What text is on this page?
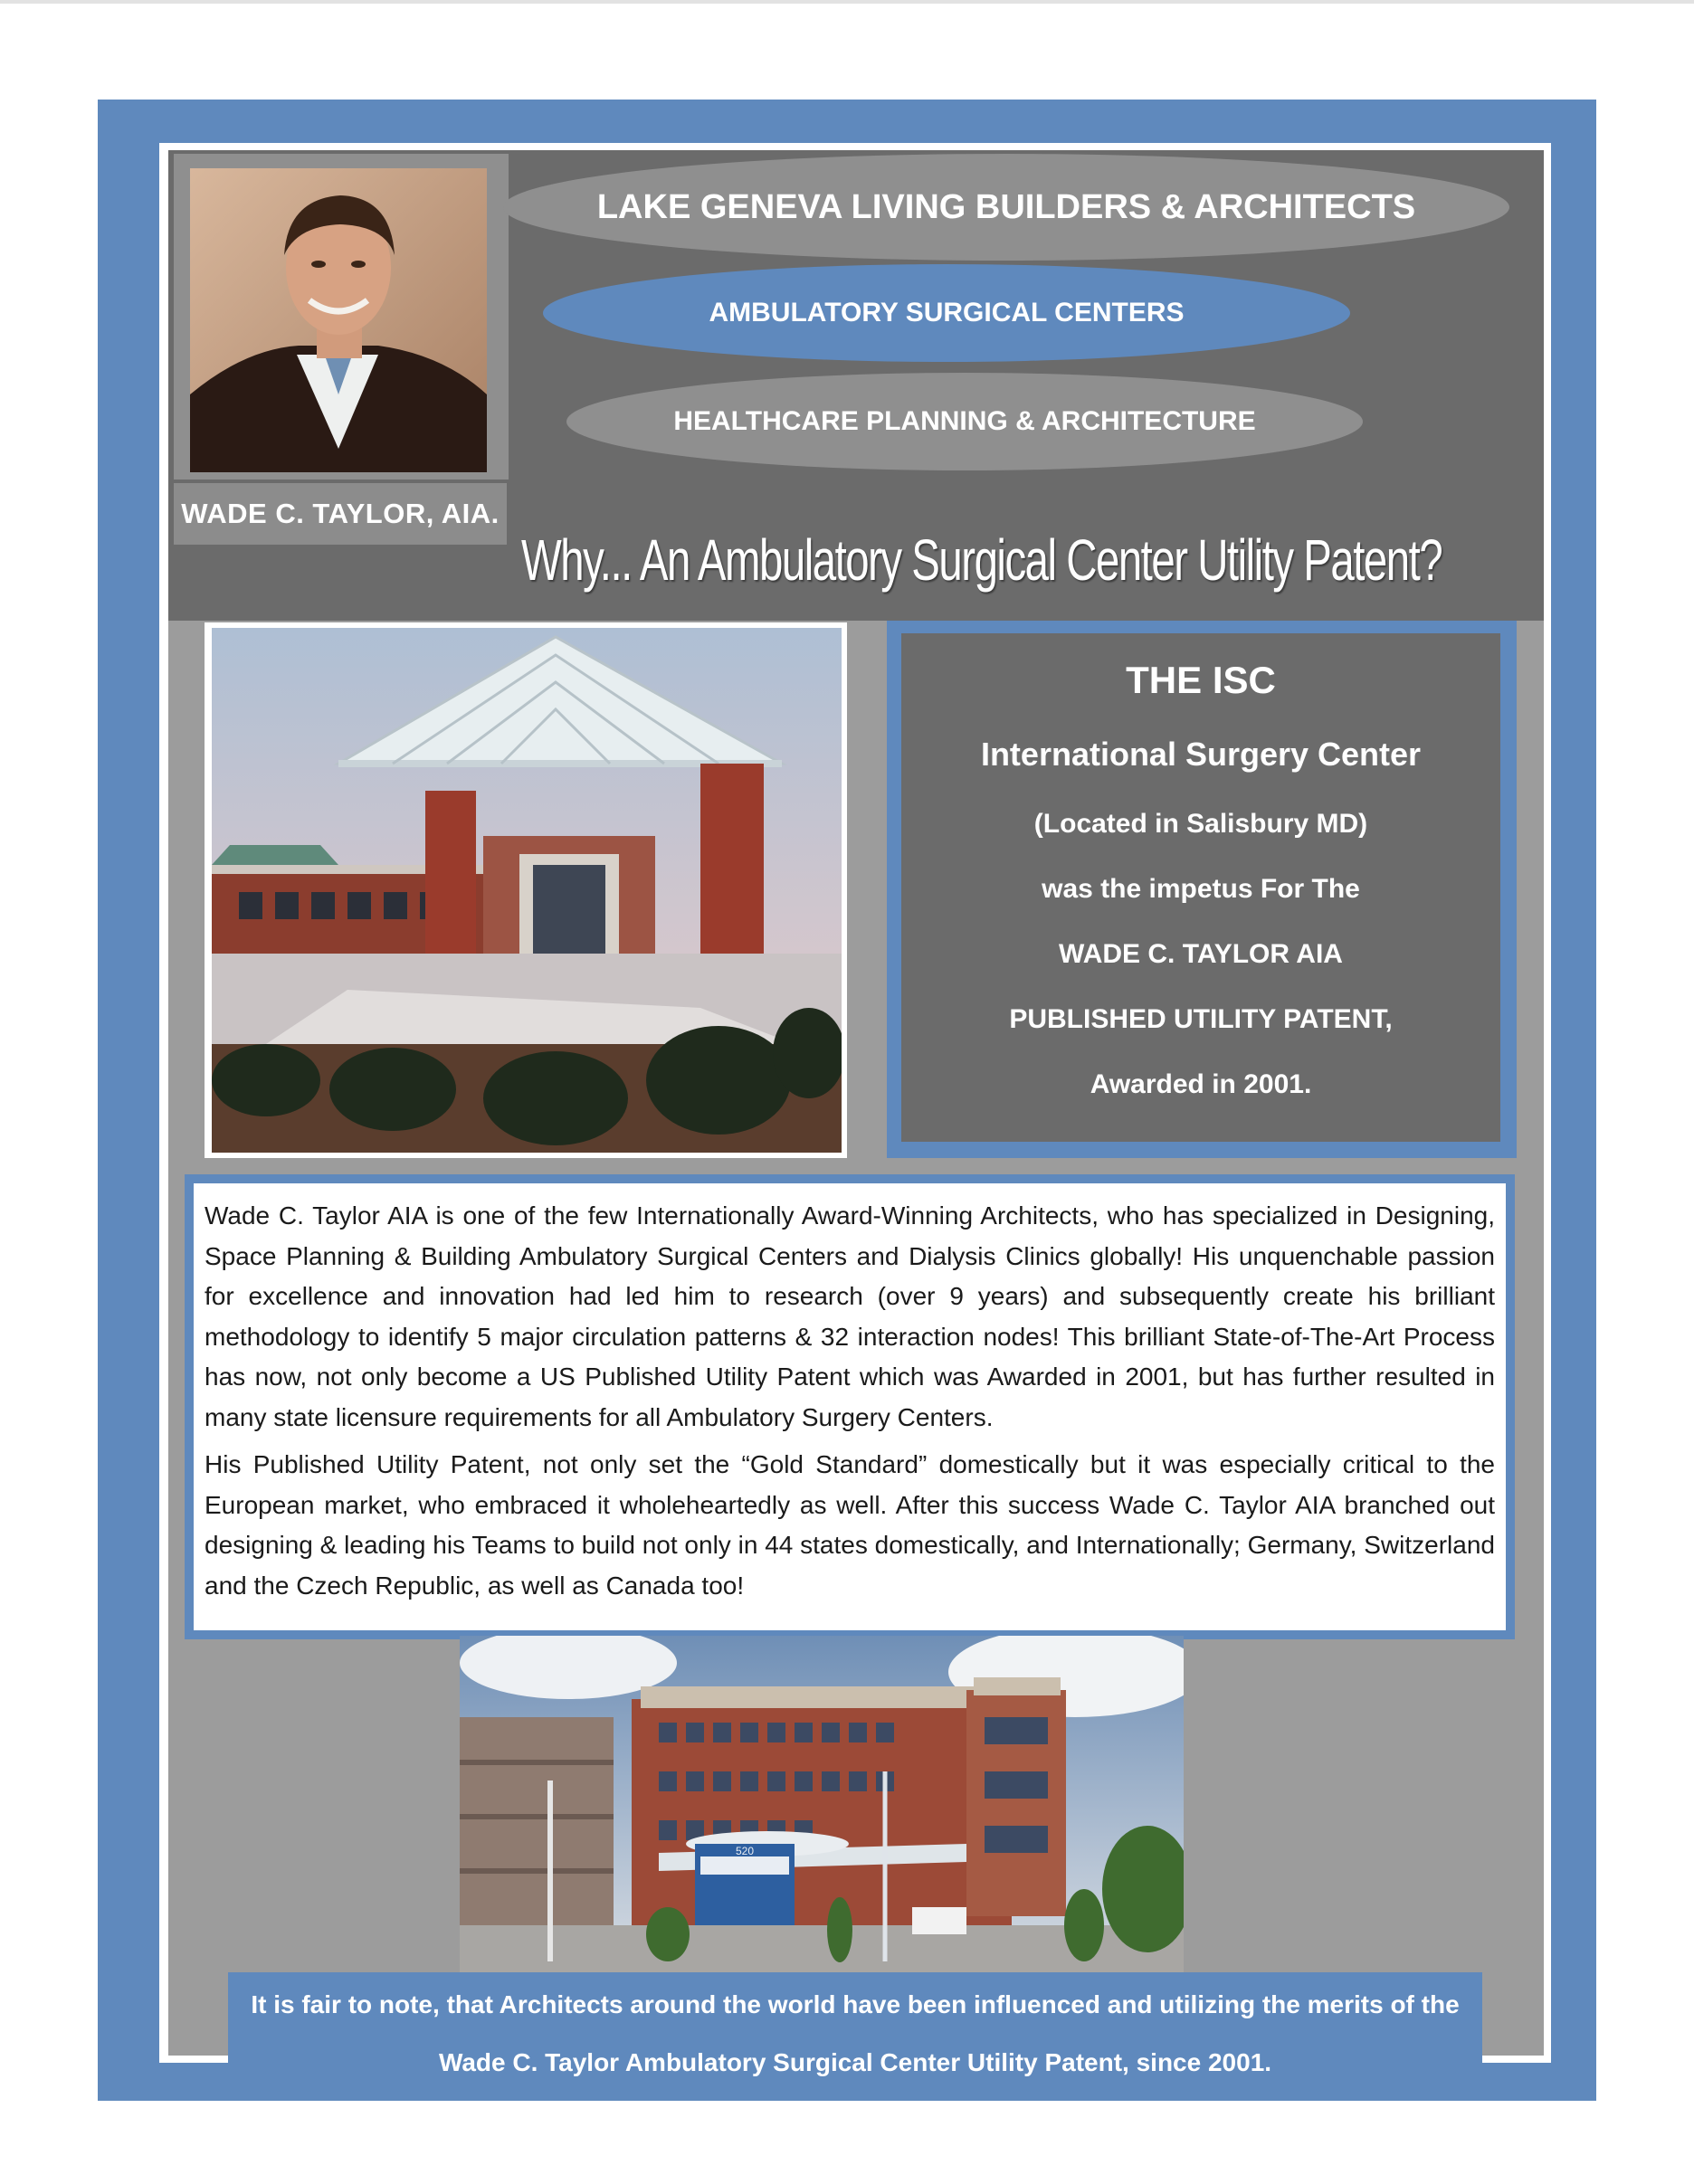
WADE C. TAYLOR, AIA.
LAKE GENEVA LIVING BUILDERS & ARCHITECTS
AMBULATORY SURGICAL CENTERS
HEALTHCARE PLANNING & ARCHITECTURE
Why... An Ambulatory Surgical Center Utility Patent?
THE ISC
International Surgery Center
(Located in Salisbury MD)
was the impetus For The
WADE C. TAYLOR AIA
PUBLISHED UTILITY PATENT,
Awarded in 2001.

Wade C. Taylor AIA is one of the few Internationally Award-Winning Architects, who has specialized in Designing, Space Planning & Building Ambulatory Surgical Centers and Dialysis Clinics globally! His unquenchable passion for excellence and innovation had led him to research (over 9 years) and subsequently create his brilliant methodology to identify 5 major circulation patterns & 32 interaction nodes! This brilliant State-of-The-Art Process has now, not only become a US Published Utility Patent which was Awarded in 2001, but has further resulted in many state licensure requirements for all Ambulatory Surgery Centers.

His Published Utility Patent, not only set the “Gold Standard” domestically but it was especially critical to the European market, who embraced it wholeheartedly as well. After this success Wade C. Taylor AIA branched out designing & leading his Teams to build not only in 44 states domestically, and Internationally; Germany, Switzerland and the Czech Republic, as well as Canada too!

520
It is fair to note, that Architects around the world have been influenced and utilizing the merits of the
Wade C. Taylor Ambulatory Surgical Center Utility Patent, since 2001.
